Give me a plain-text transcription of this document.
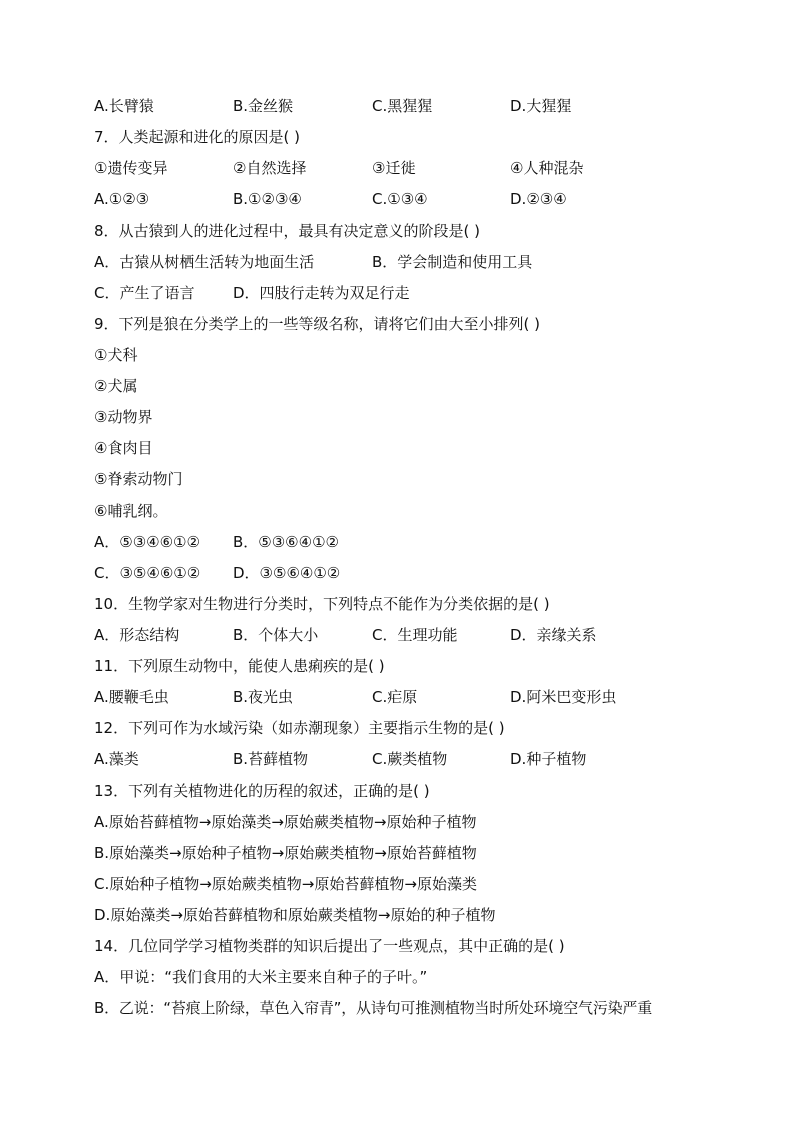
A.长臂猿	B.金丝猴	C.黑猩猩	D.大猩猩
7．人类起源和进化的原因是( )
①遗传变异	②自然选择	③迁徙	④人种混杂
A.①②③	B.①②③④	C.①③④	D.②③④
8．从古猿到人的进化过程中，最具有决定意义的阶段是( )
A．古猿从树栖生活转为地面生活	B．学会制造和使用工具
C．产生了语言	D．四肢行走转为双足行走
9．下列是狼在分类学上的一些等级名称，请将它们由大至小排列( )
①犬科
②犬属
③动物界
④食肉目
⑤脊索动物门
⑥哺乳纲。
A．⑤③④⑥①② B．⑤③⑥④①②
C．③⑤④⑥①② D．③⑤⑥④①②
10．生物学家对生物进行分类时，下列特点不能作为分类依据的是( )
A．形态结构	B．个体大小	C．生理功能	D．亲缘关系
11．下列原生动物中，能使人患痢疾的是( )
A.腰鞭毛虫	B.夜光虫	C.疟原	D.阿米巴变形虫
12．下列可作为水域污染（如赤潮现象）主要指示生物的是( )
A.藻类	B.苔藓植物	C.蕨类植物	D.种子植物
13．下列有关植物进化的历程的叙述，正确的是( )
A.原始苔藓植物→原始藻类→原始蕨类植物→原始种子植物
B.原始藻类→原始种子植物→原始蕨类植物→原始苔藓植物
C.原始种子植物→原始蕨类植物→原始苔藓植物→原始藻类
D.原始藻类→原始苔藓植物和原始蕨类植物→原始的种子植物
14．几位同学学习植物类群的知识后提出了一些观点，其中正确的是( )
A．甲说：“我们食用的大米主要来自种子的子叶。”
B．乙说：“苔痕上阶绿，草色入帘青”，从诗句可推测植物当时所处环境空气污染严重
